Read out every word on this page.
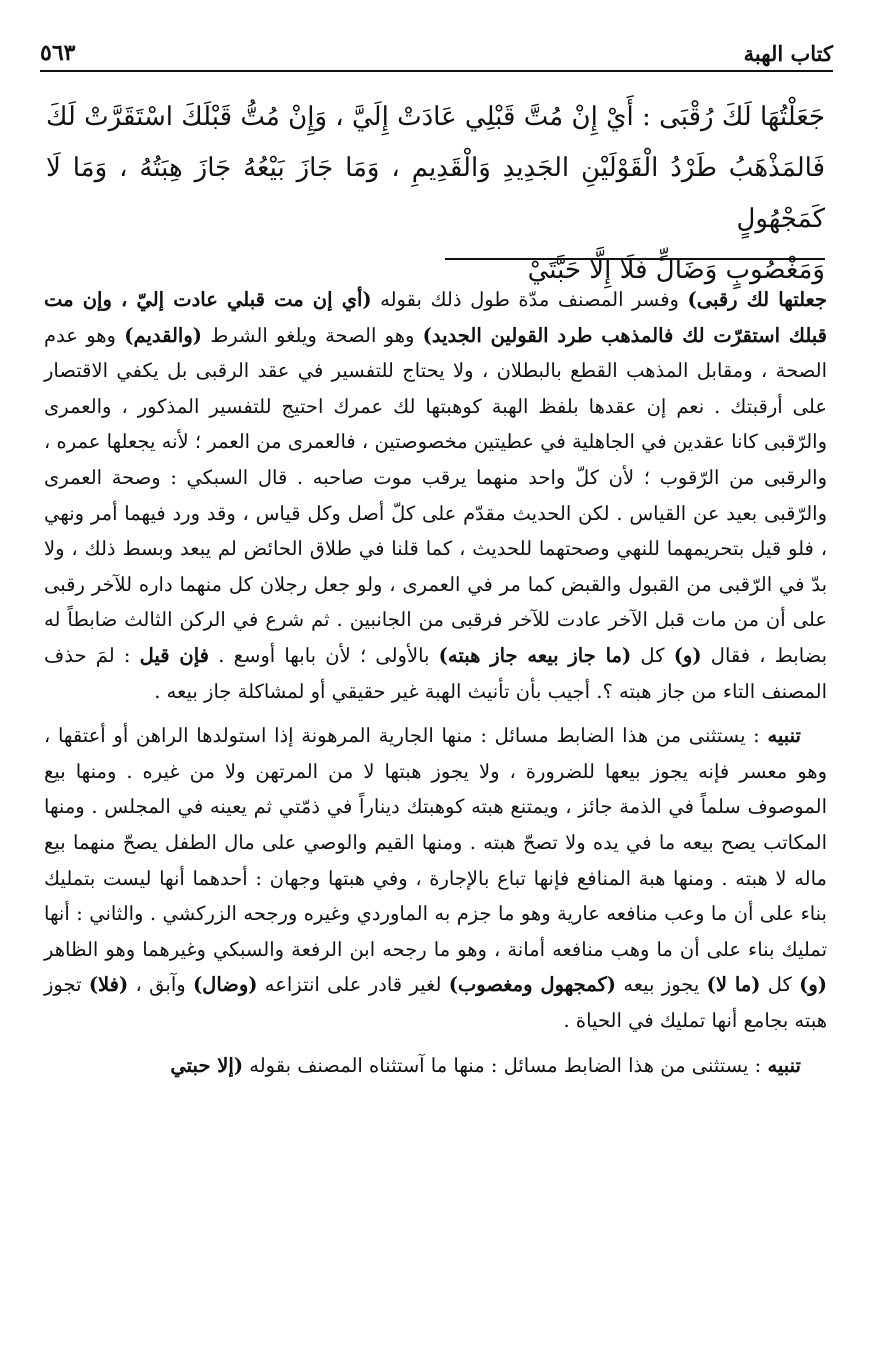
كتاب الهبة
٥٦٣

جَعَلْتُهَا لَكَ رُقْبَى : أَيْ إِنْ مُتَّ قَبْلِي عَادَتْ إِلَيَّ ، وَإِنْ مُتُّ قَبْلَكَ اسْتَقَرَّتْ لَكَ

فَالمَذْهَبُ طَرْدُ الْقَوْلَيْنِ الجَدِيدِ وَالْقَدِيمِ ، وَمَا جَازَ بَيْعُهُ جَازَ هِبَتُهُ ، وَمَا لَا كَمَجْهُولٍ

وَمَغْصُوبٍ وَضَالٍّ فَلَا إِلَّا حَبَّتَيْ

جعلتها لك رقبى) وفسر المصنف مدّة طول ذلك بقوله (أي إن مت قبلي عادت إليّ ، وإن مت قبلك استقرّت لك فالمذهب طرد القولين الجديد) وهو الصحة ويلغو الشرط (والقديم) وهو عدم الصحة ، ومقابل المذهب القطع بالبطلان ، ولا يحتاج للتفسير في عقد الرقبى بل يكفي الاقتصار على أرقبتك . نعم إن عقدها بلفظ الهبة كوهبتها لك عمرك احتيج للتفسير المذكور ، والعمرى والرّقبى كانا عقدين في الجاهلية في عطيتين مخصوصتين ، فالعمرى من العمر ؛ لأنه يجعلها عمره ، والرقبى من الرّقوب ؛ لأن كلّ واحد منهما يرقب موت صاحبه . قال السبكي : وصحة العمرى والرّقبى بعيد عن القياس . لكن الحديث مقدّم على كلّ أصل وكل قياس ، وقد ورد فيهما أمر ونهي ، فلو قيل بتحريمهما للنهي وصحتهما للحديث ، كما قلنا في طلاق الحائض لم يبعد وبسط ذلك ، ولا بدّ في الرّقبى من القبول والقبض كما مر في العمرى ، ولو جعل رجلان كل منهما داره للآخر رقبى على أن من مات قبل الآخر عادت للآخر فرقبى من الجانبين . ثم شرع في الركن الثالث ضابطاً له بضابط ، فقال (و) كل (ما جاز بيعه جاز هبته) بالأولى ؛ لأن بابها أوسع . فإن قيل : لمَ حذف المصنف التاء من جاز هبته ؟. أجيب بأن تأنيث الهبة غير حقيقي أو لمشاكلة جاز بيعه .

تنبيه : يستثنى من هذا الضابط مسائل : منها الجارية المرهونة إذا استولدها الراهن أو أعتقها ، وهو معسر فإنه يجوز بيعها للضرورة ، ولا يجوز هبتها لا من المرتهن ولا من غيره . ومنها بيع الموصوف سلماً في الذمة جائز ، ويمتنع هبته كوهبتك ديناراً في ذمّتي ثم يعينه في المجلس . ومنها المكاتب يصح بيعه ما في يده ولا تصحّ هبته . ومنها القيم والوصي على مال الطفل يصحّ منهما بيع ماله لا هبته . ومنها هبة المنافع فإنها تباع بالإجارة ، وفي هبتها وجهان : أحدهما أنها ليست بتمليك بناء على أن ما وعب منافعه عارية وهو ما جزم به الماوردي وغيره ورجحه الزركشي . والثاني : أنها تمليك بناء على أن ما وهب منافعه أمانة ، وهو ما رجحه ابن الرفعة والسبكي وغيرهما وهو الظاهر (و) كل (ما لا) يجوز بيعه (كمجهول ومغصوب) لغير قادر على انتزاعه (وضال) وآبق ، (فلا) تجوز هبته بجامع أنها تمليك في الحياة .

تنبيه : يستثنى من هذا الضابط مسائل : منها ما آستثناه المصنف بقوله (إلا حبتي
